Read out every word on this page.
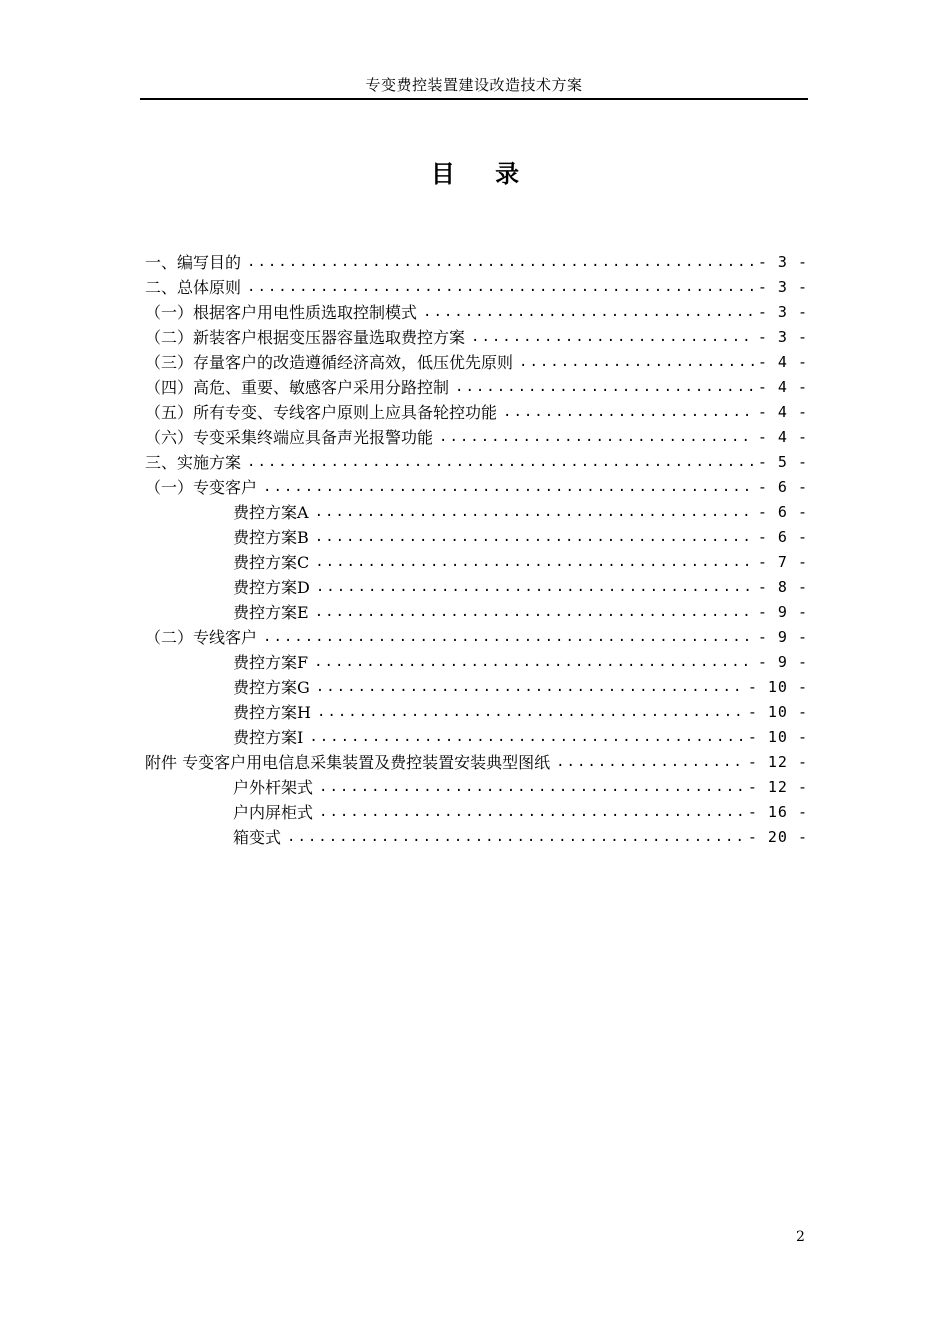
专变费控装置建设改造技术方案
目 录
一、编写目的 .....	- 3 -
二、总体原则 .....	- 3 -
（一）根据客户用电性质选取控制模式 .....	- 3 -
（二）新装客户根据变压器容量选取费控方案 .....	- 3 -
（三）存量客户的改造遵循经济高效，低压优先原则 .....	- 4 -
（四）高危、重要、敏感客户采用分路控制 .....	- 4 -
（五）所有专变、专线客户原则上应具备轮控功能 .....	- 4 -
（六）专变采集终端应具备声光报警功能 .....	- 4 -
三、实施方案 .....	- 5 -
（一）专变客户 .....	- 6 -
费控方案A .....	- 6 -
费控方案B .....	- 6 -
费控方案C .....	- 7 -
费控方案D .....	- 8 -
费控方案E .....	- 9 -
（二）专线客户 .....	- 9 -
费控方案F .....	- 9 -
费控方案G .....	- 10 -
费控方案H .....	- 10 -
费控方案I .....	- 10 -
附件 专变客户用电信息采集装置及费控装置安装典型图纸 .....	- 12 -
户外杆架式 .....	- 12 -
户内屏柜式 .....	- 16 -
箱变式 .....	- 20 -
2
